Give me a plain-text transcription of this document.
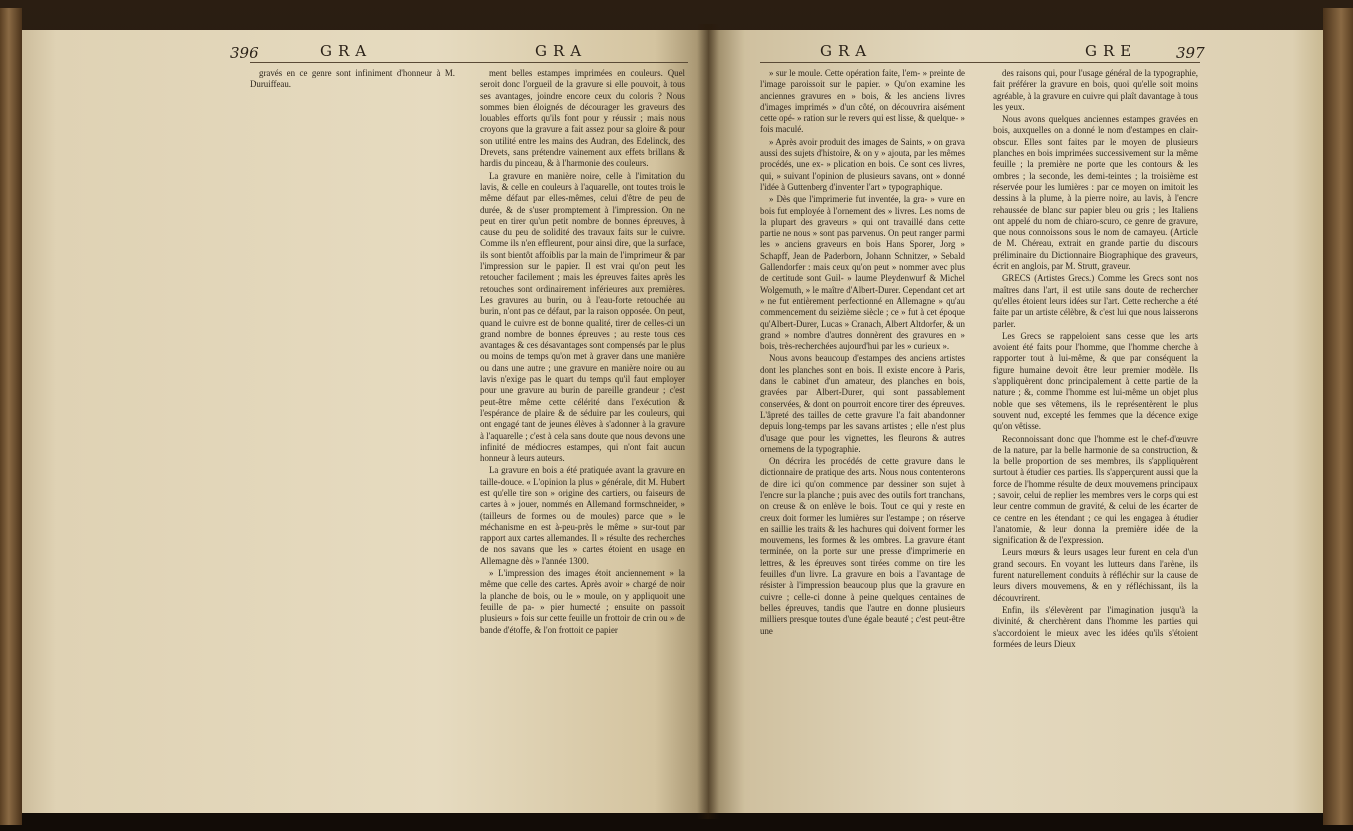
396	GRA	GRA	GRA	GRE	397

gravés en ce genre sont infiniment d'honneur à M. Duruiffeau.

ment belles estampes imprimées en couleurs. Quel seroit donc l'orgueil de la gravure si elle pouvoit, à tous ses avantages, joindre encore ceux du coloris ? Nous sommes bien éloignés de décourager les graveurs des louables efforts qu'ils font pour y réussir ; mais nous croyons que la gravure a fait assez pour sa gloire & pour son utilité entre les mains des Audran, des Edelinck, des Drevets, sans prétendre vainement aux effets brillans & hardis du pinceau, & à l'harmonie des couleurs.

La gravure en manière noire, celle à l'imitation du lavis, & celle en couleurs à l'aquarelle, ont toutes trois le même défaut par elles-mêmes, celui d'être de peu de durée, & de s'user promptement à l'impression. On ne peut en tirer qu'un petit nombre de bonnes épreuves, à cause du peu de solidité des travaux faits sur le cuivre. Comme ils n'en effleurent, pour ainsi dire, que la surface, ils sont bientôt affoiblis par la main de l'imprimeur & par l'impression sur le papier. Il est vrai qu'on peut les retoucher facilement ; mais les épreuves faites après les retouches sont ordinairement inférieures aux premières. Les gravures au burin, ou à l'eau-forte retouchée au burin, n'ont pas ce défaut, par la raison opposée. On peut, quand le cuivre est de bonne qualité, tirer de celles-ci un grand nombre de bonnes épreuves ; au reste tous ces avantages & ces désavantages sont compensés par le plus ou moins de temps qu'on met à graver dans une manière ou dans une autre ; une gravure en manière noire ou au lavis n'exige pas le quart du temps qu'il faut employer pour une gravure au burin de pareille grandeur ; c'est peut-être même cette célérité dans l'exécution & l'espérance de plaire & de séduire par les couleurs, qui ont engagé tant de jeunes élèves à s'adonner à la gravure à l'aquarelle ; c'est à cela sans doute que nous devons une infinité de médiocres estampes, qui n'ont fait aucun honneur à leurs auteurs.

La gravure en bois a été pratiquée avant la gravure en taille-douce. « L'opinion la plus » générale, dit M. Hubert est qu'elle tire son » origine des cartiers, ou faiseurs de cartes à » jouer, nommés en Allemand formschneider, » (tailleurs de formes ou de moules) parce que » le méchanisme en est à-peu-près le même » sur-tout par rapport aux cartes allemandes. Il » résulte des recherches de nos savans que les » cartes étoient en usage en Allemagne dès » l'année 1300.

» L'impression des images étoit anciennement » la même que celle des cartes. Après avoir » chargé de noir la planche de bois, ou le » moule, on y appliquoit une feuille de pa- » pier humecté ; ensuite on passoit plusieurs » fois sur cette feuille un frottoir de crin ou » de bande d'étoffe, & l'on frottoit ce papier

» sur le moule. Cette opération faite, l'em- » preinte de l'image paroissoit sur le papier. » Qu'on examine les anciennes gravures en » bois, & les anciens livres d'images imprimés » d'un côté, on découvrira aisément cette opé- » ration sur le revers qui est lisse, & quelque- » fois maculé.

» Après avoir produit des images de Saints, » on grava aussi des sujets d'histoire, & on y » ajouta, par les mêmes procédés, une ex- » plication en bois. Ce sont ces livres, qui, » suivant l'opinion de plusieurs savans, ont » donné l'idée à Guttenberg d'inventer l'art » typographique.

» Dès que l'imprimerie fut inventée, la gra- » vure en bois fut employée à l'ornement des » livres. Les noms de la plupart des graveurs » qui ont travaillé dans cette partie ne nous » sont pas parvenus. On peut ranger parmi les » anciens graveurs en bois Hans Sporer, Jorg » Schapff, Jean de Paderborn, Johann Schnitzer, » Sebald Gallendorfer : mais ceux qu'on peut » nommer avec plus de certitude sont Guil- » laume Pleydenwurf & Michel Wolgemuth, » le maître d'Albert-Durer. Cependant cet art » ne fut entièrement perfectionné en Allemagne » qu'au commencement du seizième siècle ; ce » fut à cet époque qu'Albert-Durer, Lucas » Cranach, Albert Altdorfer, & un grand » nombre d'autres donnèrent des gravures en » bois, très-recherchées aujourd'hui par les » curieux ».

Nous avons beaucoup d'estampes des anciens artistes dont les planches sont en bois. Il existe encore à Paris, dans le cabinet d'un amateur, des planches en bois, gravées par Albert-Durer, qui sont passablement conservées, & dont on pourroit encore tirer des épreuves. L'âpreté des tailles de cette gravure l'a fait abandonner depuis long-temps par les savans artistes ; elle n'est plus d'usage que pour les vignettes, les fleurons & autres ornemens de la typographie.

On décrira les procédés de cette gravure dans le dictionnaire de pratique des arts. Nous nous contenterons de dire ici qu'on commence par dessiner son sujet à l'encre sur la planche ; puis avec des outils fort tranchans, on creuse & on enlève le bois. Tout ce qui y reste en creux doit former les lumières sur l'estampe ; on réserve en saillie les traits & les hachures qui doivent former les mouvemens, les formes & les ombres. La gravure étant terminée, on la porte sur une presse d'imprimerie en lettres, & les épreuves sont tirées comme on tire les feuilles d'un livre. La gravure en bois a l'avantage de résister à l'impression beaucoup plus que la gravure en cuivre ; celle-ci donne à peine quelques centaines de belles épreuves, tandis que l'autre en donne plusieurs milliers presque toutes d'une égale beauté ; c'est peut-être une

des raisons qui, pour l'usage général de la typographie, fait préférer la gravure en bois, quoi qu'elle soit moins agréable, à la gravure en cuivre qui plaît davantage à tous les yeux.

Nous avons quelques anciennes estampes gravées en bois, auxquelles on a donné le nom d'estampes en clair-obscur. Elles sont faites par le moyen de plusieurs planches en bois imprimées successivement sur la même feuille ; la première ne porte que les contours & les ombres ; la seconde, les demi-teintes ; la troisième est réservée pour les lumières : par ce moyen on imitoit les dessins à la plume, à la pierre noire, au lavis, à l'encre rehaussée de blanc sur papier bleu ou gris ; les Italiens ont appelé du nom de chiaro-scuro, ce genre de gravure, que nous connoissons sous le nom de camayeu. (Article de M. Chéreau, extrait en grande partie du discours préliminaire du Dictionnaire Biographique des graveurs, écrit en anglois, par M. Strutt, graveur.

GRECS (Artistes Grecs.) Comme les Grecs sont nos maîtres dans l'art, il est utile sans doute de rechercher qu'elles étoient leurs idées sur l'art. Cette recherche a été faite par un artiste célèbre, & c'est lui que nous laisserons parler.

Les Grecs se rappeloient sans cesse que les arts avoient été faits pour l'homme, que l'homme cherche à rapporter tout à lui-même, & que par conséquent la figure humaine devoit être leur premier modèle. Ils s'appliquèrent donc principalement à cette partie de la nature ; &, comme l'homme est lui-même un objet plus noble que ses vêtemens, ils le représentèrent le plus souvent nud, excepté les femmes que la décence exige qu'on vêtisse.

Reconnoissant donc que l'homme est le chef-d'œuvre de la nature, par la belle harmonie de sa construction, & la belle proportion de ses membres, ils s'appliquèrent surtout à étudier ces parties. Ils s'apperçurent aussi que la force de l'homme résulte de deux mouvemens principaux ; savoir, celui de replier les membres vers le corps qui est leur centre commun de gravité, & celui de les écarter de ce centre en les étendant ; ce qui les engagea à étudier l'anatomie, & leur donna la première idée de la signification & de l'expression.

Leurs mœurs & leurs usages leur furent en cela d'un grand secours. En voyant les lutteurs dans l'arène, ils furent naturellement conduits à réfléchir sur la cause de leurs divers mouvemens, & en y réfléchissant, ils la découvrirent.

Enfin, ils s'élevèrent par l'imagination jusqu'à la divinité, & cherchèrent dans l'homme les parties qui s'accordoient le mieux avec les idées qu'ils s'étoient formées de leurs Dieux
